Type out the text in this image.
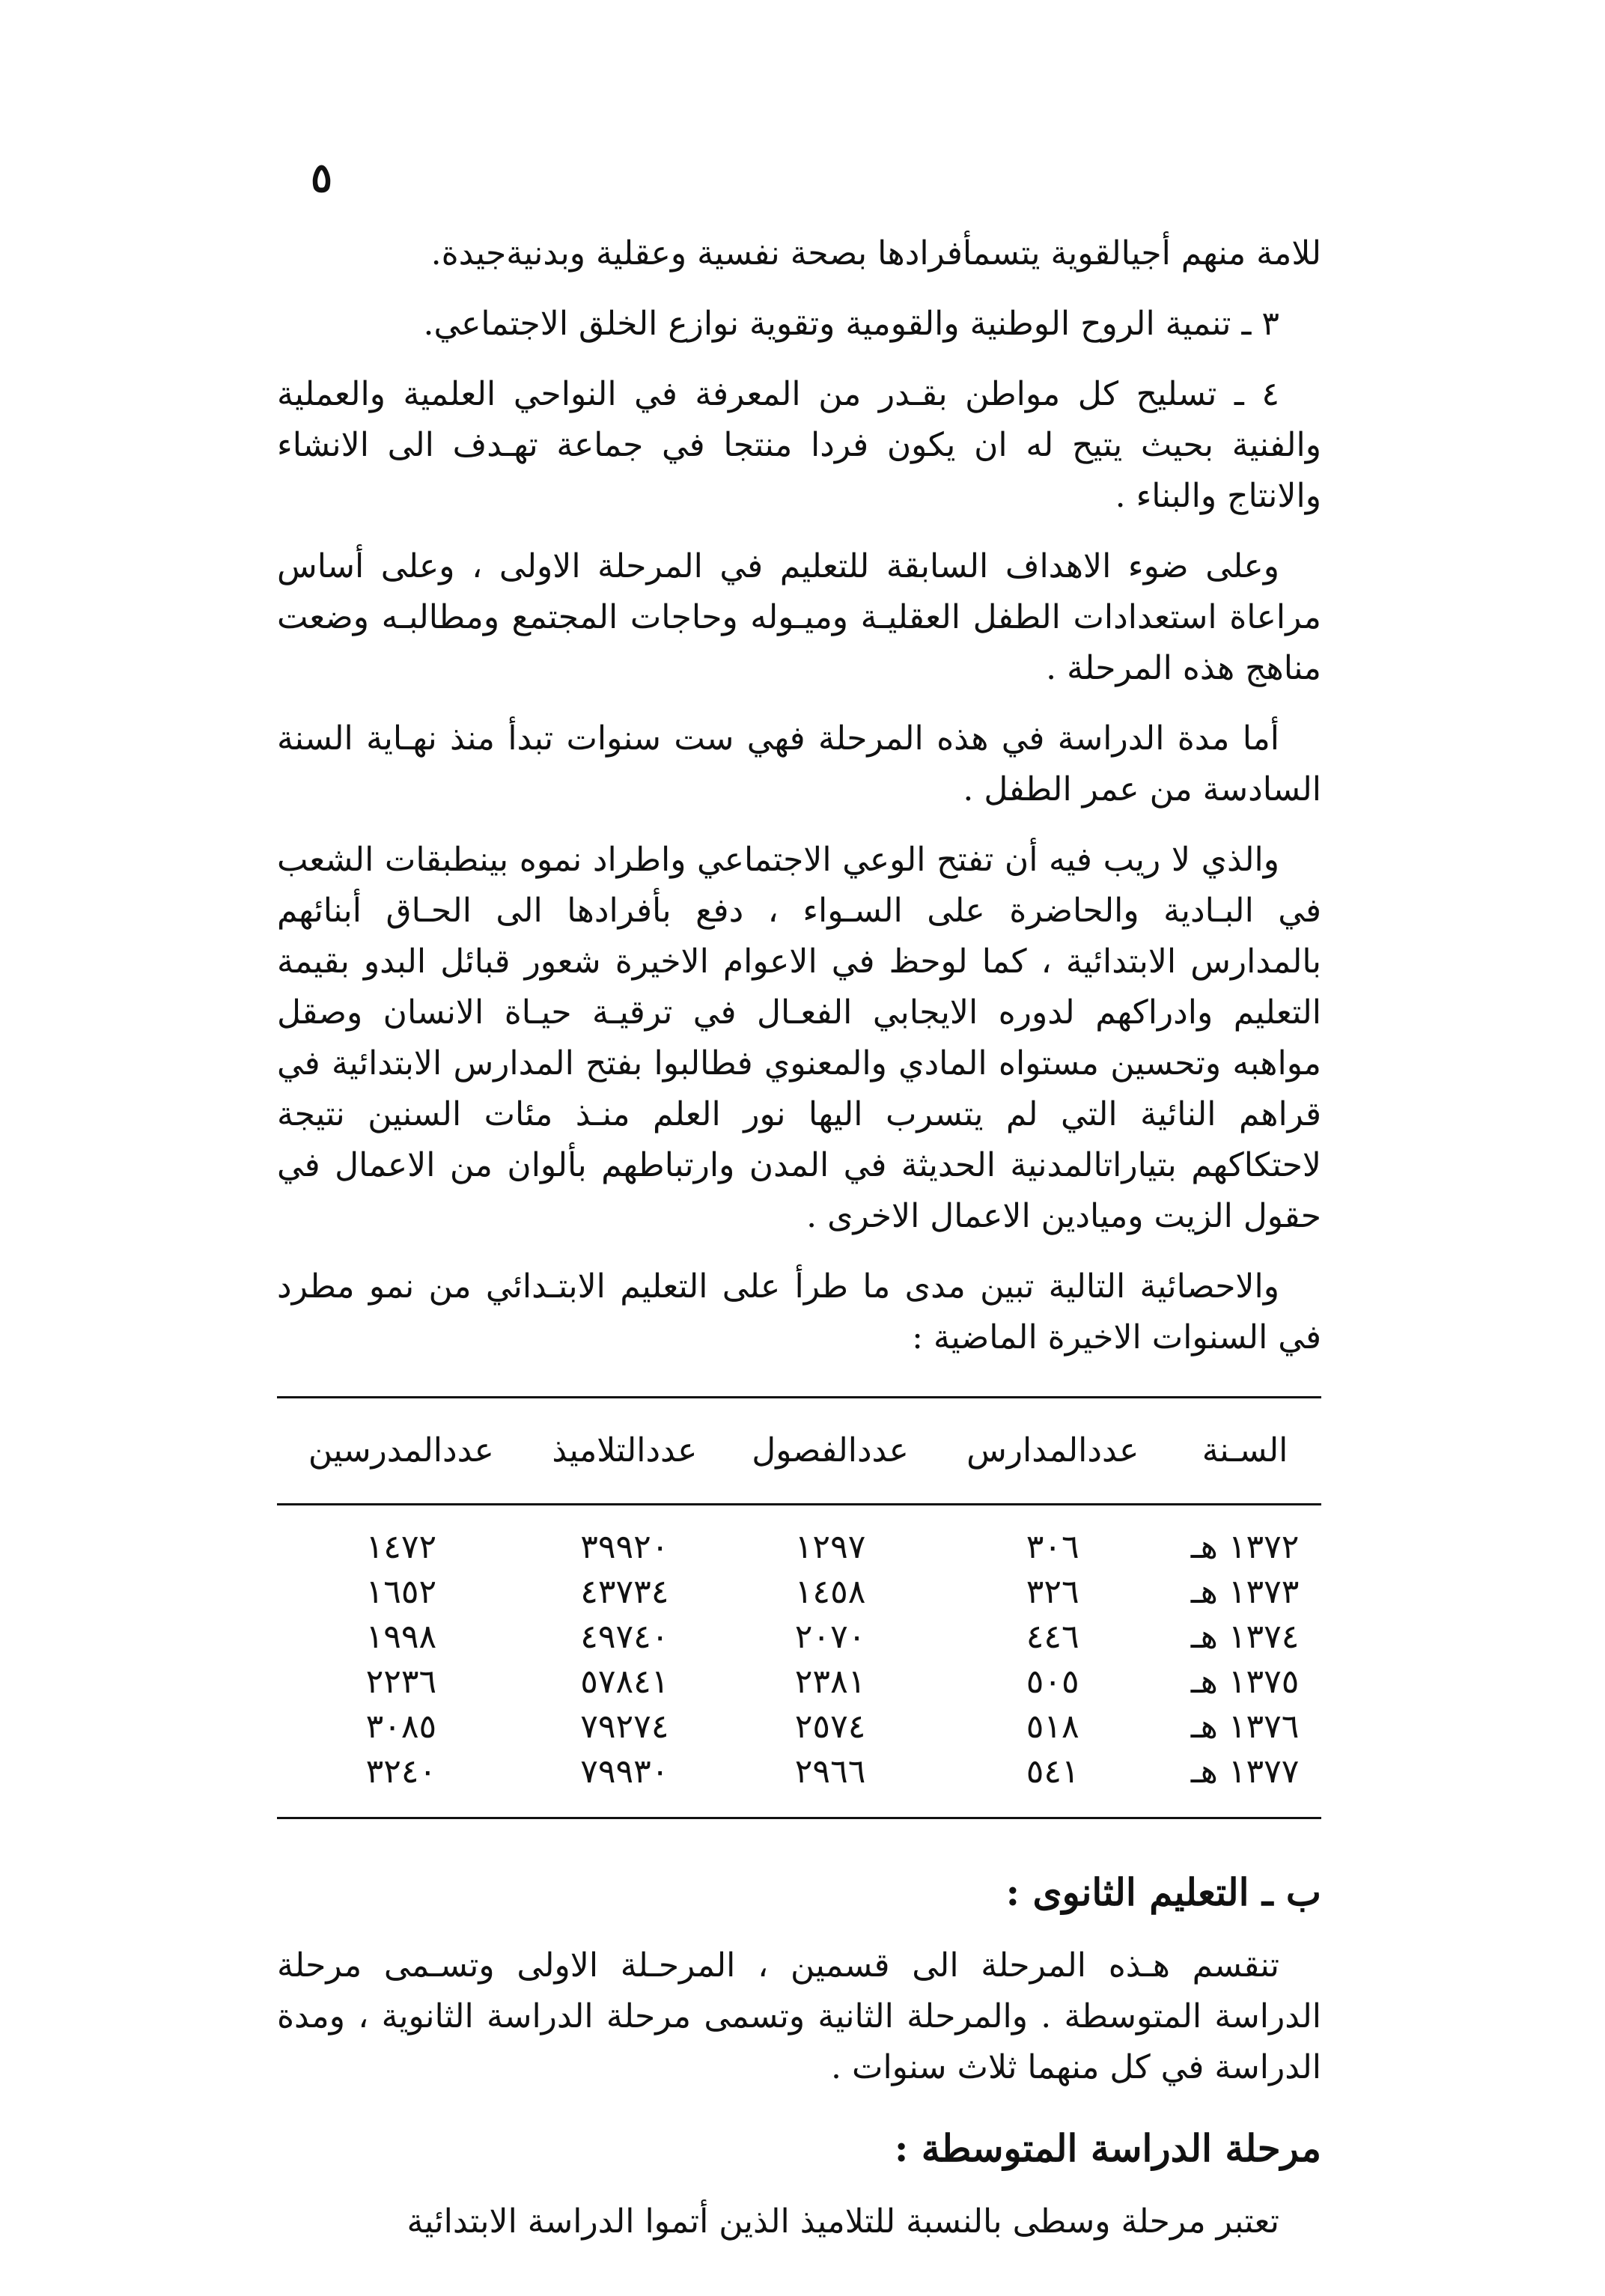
٥

للامة منهم أجيالقوية يتسمأفرادها بصحة نفسية وعقلية وبدنيةجيدة.

٣ ـ تنمية الروح الوطنية والقومية وتقوية نوازع الخلق الاجتماعي.

٤ ـ تسليح كل مواطن بقـدر من المعرفة في النواحي العلمية والعملية والفنية بحيث يتيح له ان يكون فردا منتجا في جماعة تهـدف الى الانشاء والانتاج والبناء .

وعلى ضوء الاهداف السابقة للتعليم في المرحلة الاولى ، وعلى أساس مراعاة استعدادات الطفل العقليـة وميـوله وحاجات المجتمع ومطالبـه وضعت مناهج هذه المرحلة .

أما مدة الدراسة في هذه المرحلة فهي ست سنوات تبدأ منذ نهـاية السنة السادسة من عمر الطفل .

والذي لا ريب فيه أن تفتح الوعي الاجتماعي واطراد نموه بينطبقات الشعب في البـادية والحاضرة على السـواء ، دفع بأفرادها الى الحـاق أبنائهم بالمدارس الابتدائية ، كما لوحظ في الاعوام الاخيرة شعور قبائل البدو بقيمة التعليم وادراكهم لدوره الايجابي الفعـال في ترقيـة حيـاة الانسان وصقل مواهبه وتحسين مستواه المادي والمعنوي فطالبوا بفتح المدارس الابتدائية في قراهم النائية التي لم يتسرب اليها نور العلم منـذ مئات السنين نتيجة لاحتكاكهم بتياراتالمدنية الحديثة في المدن وارتباطهم بألوان من الاعمال في حقول الزيت وميادين الاعمال الاخرى .

والاحصائية التالية تبين مدى ما طرأ على التعليم الابتـدائي من نمو مطرد في السنوات الاخيرة الماضية :

السـنة	عددالمدارس	عددالفصول	عددالتلاميذ	عددالمدرسين
١٣٧٢ هـ	٣٠٦	١٢٩٧	٣٩٩٢٠	١٤٧٢
١٣٧٣ هـ	٣٢٦	١٤٥٨	٤٣٧٣٤	١٦٥٢
١٣٧٤ هـ	٤٤٦	٢٠٧٠	٤٩٧٤٠	١٩٩٨
١٣٧٥ هـ	٥٠٥	٢٣٨١	٥٧٨٤١	٢٢٣٦
١٣٧٦ هـ	٥١٨	٢٥٧٤	٧٩٢٧٤	٣٠٨٥
١٣٧٧ هـ	٥٤١	٢٩٦٦	٧٩٩٣٠	٣٢٤٠
ب ـ التعليم الثانوى :

تنقسم هـذه المرحلة الى قسمين ، المرحـلة الاولى وتسـمى مرحلة الدراسة المتوسطة . والمرحلة الثانية وتسمى مرحلة الدراسة الثانوية ، ومدة الدراسة في كل منهما ثلاث سنوات .

مرحلة الدراسة المتوسطة :

تعتبر مرحلة وسطى بالنسبة للتلاميذ الذين أتموا الدراسة الابتدائية
